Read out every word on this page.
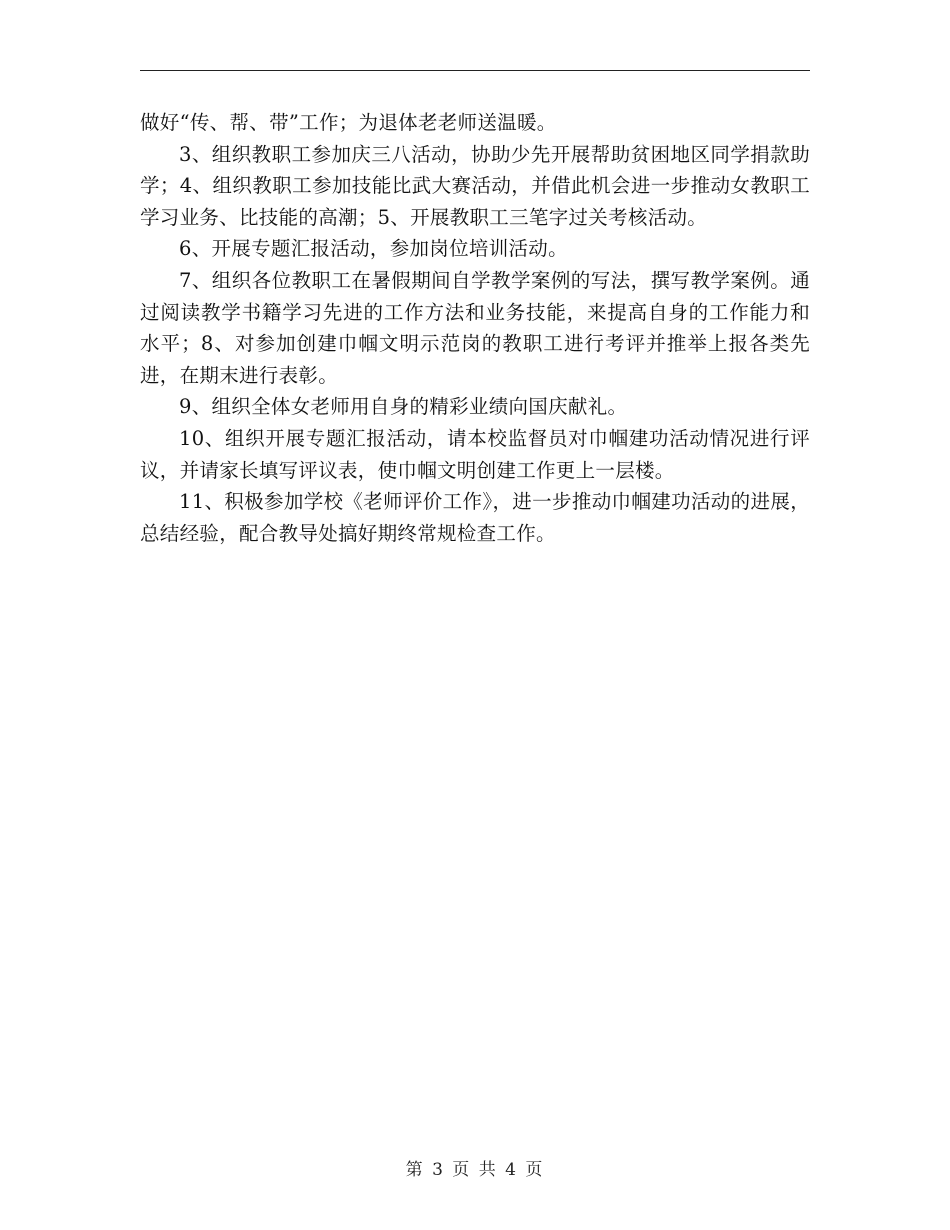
做好“传、帮、带”工作；为退体老老师送温暖。

3、组织教职工参加庆三八活动，协助少先开展帮助贫困地区同学捐款助学；4、组织教职工参加技能比武大赛活动，并借此机会进一步推动女教职工学习业务、比技能的高潮；5、开展教职工三笔字过关考核活动。

6、开展专题汇报活动，参加岗位培训活动。

7、组织各位教职工在暑假期间自学教学案例的写法，撰写教学案例。通过阅读教学书籍学习先进的工作方法和业务技能，来提高自身的工作能力和水平；8、对参加创建巾帼文明示范岗的教职工进行考评并推举上报各类先进，在期末进行表彰。

9、组织全体女老师用自身的精彩业绩向国庆献礼。

10、组织开展专题汇报活动，请本校监督员对巾帼建功活动情况进行评议，并请家长填写评议表，使巾帼文明创建工作更上一层楼。

11、积极参加学校《老师评价工作》，进一步推动巾帼建功活动的进展，总结经验，配合教导处搞好期终常规检查工作。

第 3 页 共 4 页
